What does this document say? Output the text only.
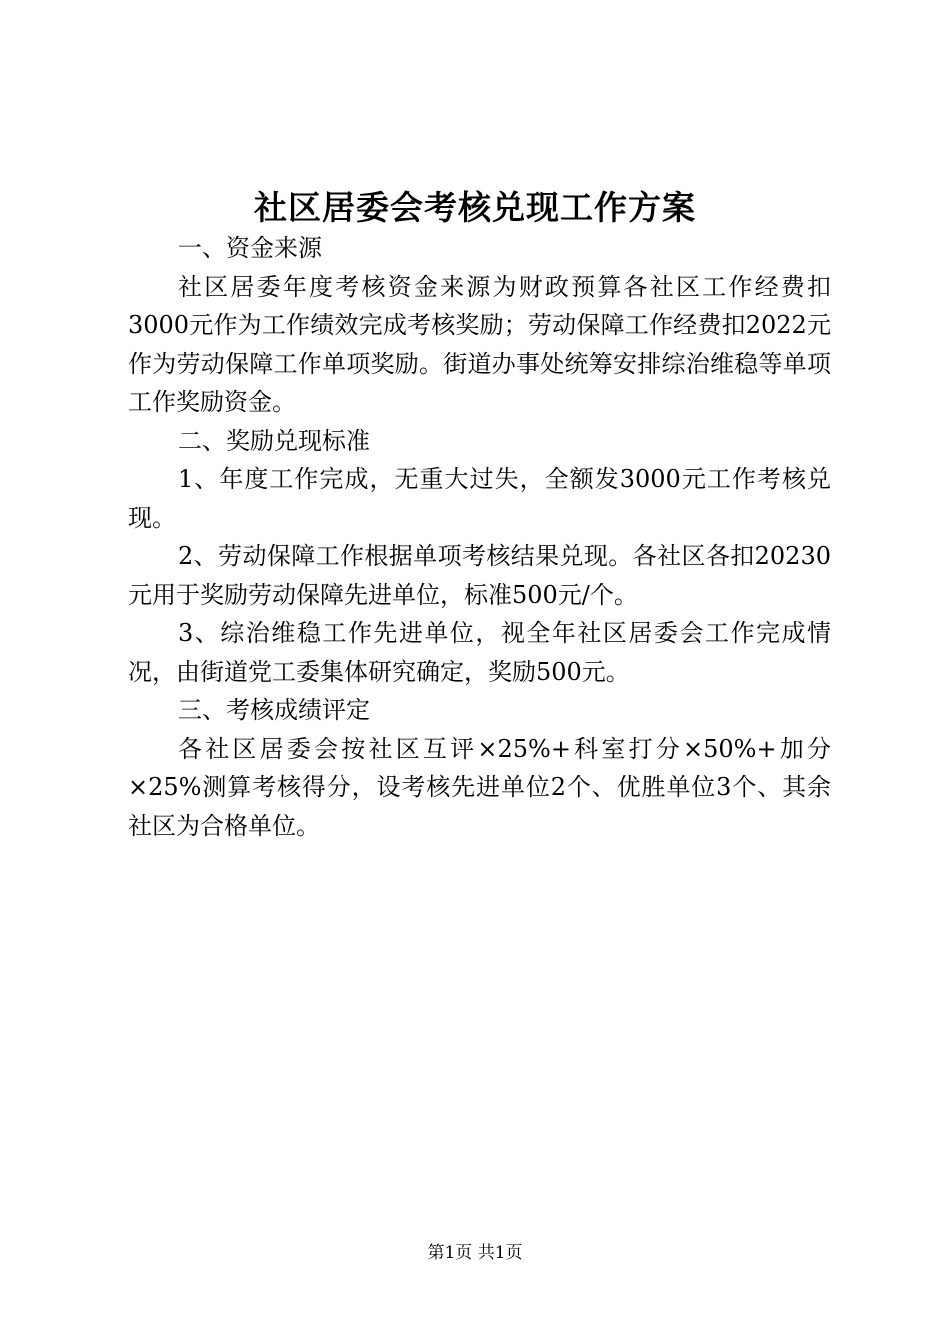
社区居委会考核兑现工作方案

一、资金来源

社区居委年度考核资金来源为财政预算各社区工作经费扣3000元作为工作绩效完成考核奖励；劳动保障工作经费扣2022元作为劳动保障工作单项奖励。街道办事处统筹安排综治维稳等单项工作奖励资金。

二、奖励兑现标准

1、年度工作完成，无重大过失，全额发3000元工作考核兑现。

2、劳动保障工作根据单项考核结果兑现。各社区各扣20230元用于奖励劳动保障先进单位，标准500元/个。

3、综治维稳工作先进单位，视全年社区居委会工作完成情况，由街道党工委集体研究确定，奖励500元。

三、考核成绩评定

各社区居委会按社区互评×25%+科室打分×50%+加分×25%测算考核得分，设考核先进单位2个、优胜单位3个、其余社区为合格单位。

第1页 共1页
